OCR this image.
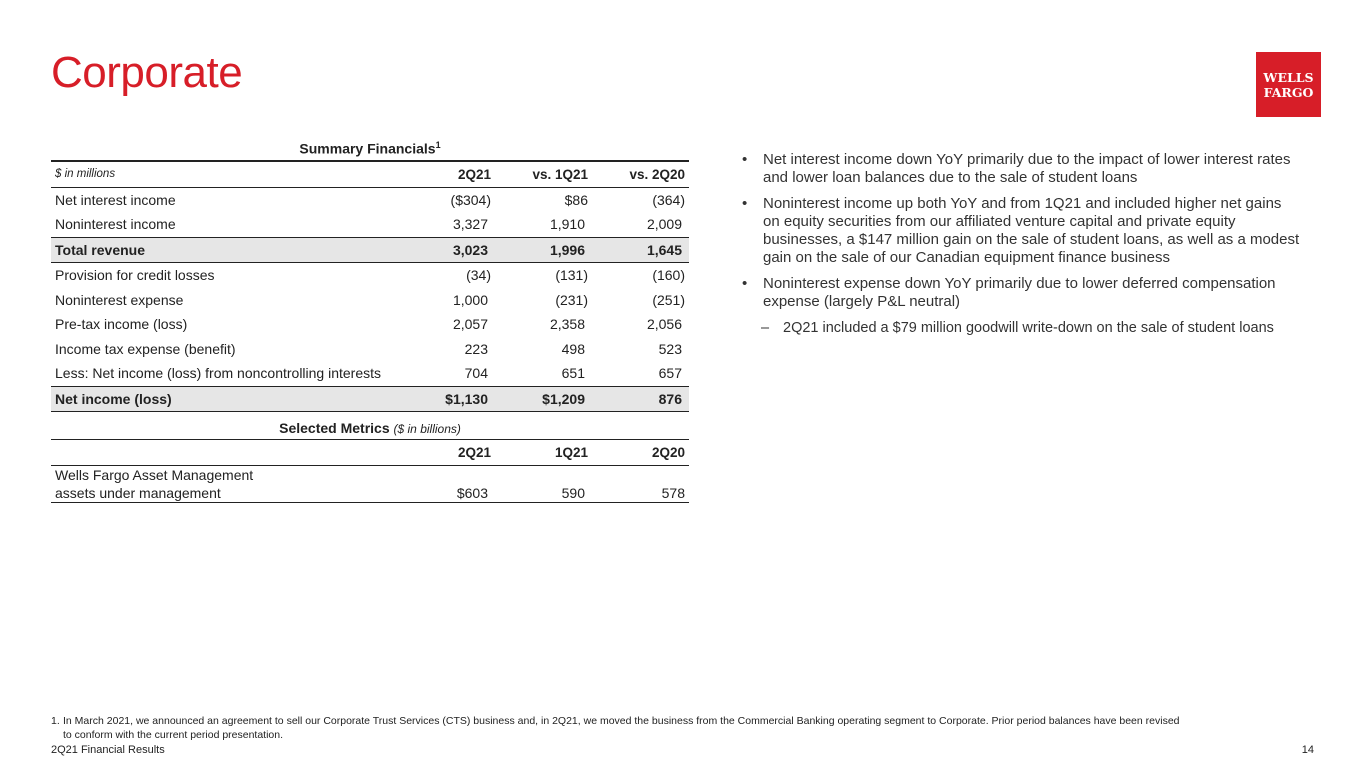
Corporate	WELLS
FARGO
Summary Financials$^1$
$ in millions	2Q21	vs. 1Q21	vs. 2Q20
Net interest income	($304)	$86	(364)
Noninterest income	3,327	1,910	2,009
Total revenue	3,023	1,996	1,645
Provision for credit losses	(34)	(131)	(160)
Noninterest expense	1,000	(231)	(251)
Pre-tax income (loss)	2,057	2,358	2,056
Income tax expense (benefit)	223	498	523
Less: Net income (loss) from noncontrolling interests	704	651	657
Net income (loss)	$1,130	$1,209	876
Selected Metrics ($ in billions)
	2Q21	1Q21	2Q20
Wells Fargo Asset Management assets under management	$603	590	578
• Net interest income down YoY primarily due to the impact of lower interest rates and lower loan balances due to the sale of student loans
• Noninterest income up both YoY and from 1Q21 and included higher net gains on equity securities from our affiliated venture capital and private equity businesses, a $147 million gain on the sale of student loans, as well as a modest gain on the sale of our Canadian equipment finance business
• Noninterest expense down YoY primarily due to lower deferred compensation expense (largely P&L neutral)
– 2Q21 included a $79 million goodwill write-down on the sale of student loans
1. In March 2021, we announced an agreement to sell our Corporate Trust Services (CTS) business and, in 2Q21, we moved the business from the Commercial Banking operating segment to Corporate. Prior period balances have been revised
to conform with the current period presentation.
2Q21 Financial Results	14
